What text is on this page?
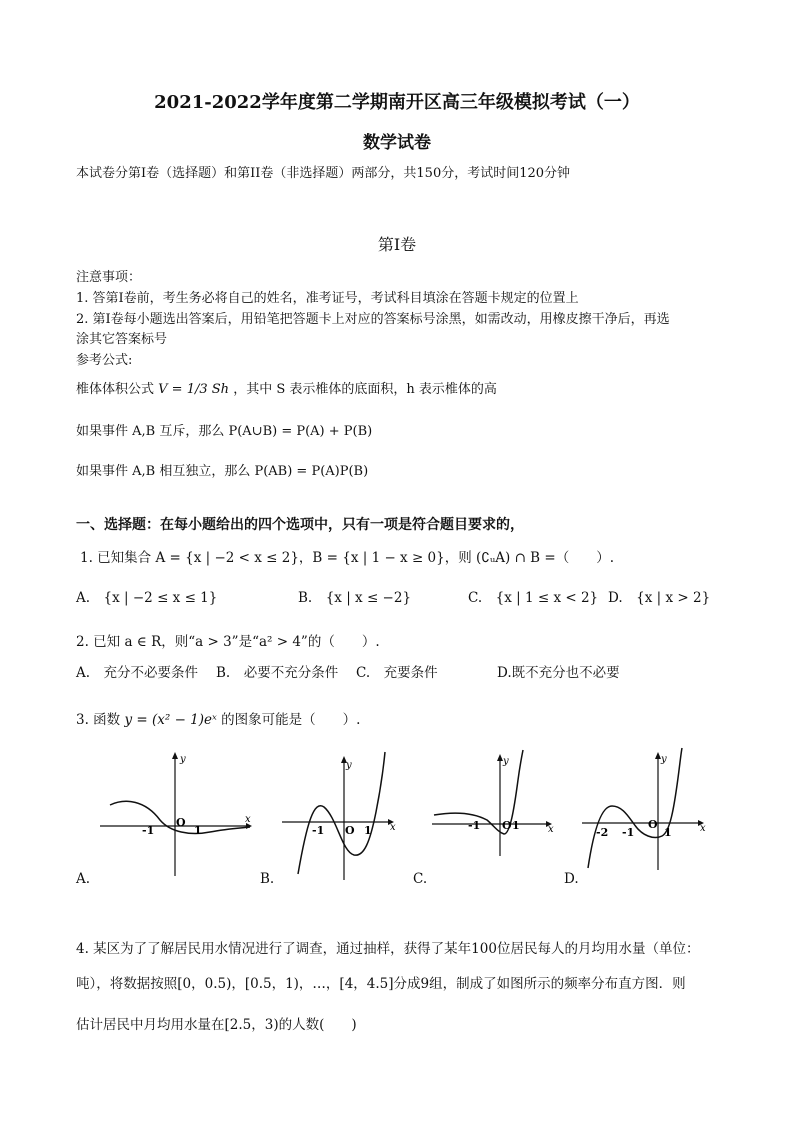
2021-2022学年度第二学期南开区高三年级模拟考试（一）
数学试卷
本试卷分第I卷（选择题）和第II卷（非选择题）两部分，共150分，考试时间120分钟
第I卷
注意事项：
1. 答第I卷前，考生务必将自己的姓名，准考证号，考试科目填涂在答题卡规定的位置上
2. 第I卷每小题选出答案后，用铅笔把答题卡上对应的答案标号涂黑，如需改动，用橡皮擦干净后，再选
涂其它答案标号
参考公式:
椎体体积公式 V = 1/3 Sh ，其中 S 表示椎体的底面积，h 表示椎体的高
如果事件 A,B 互斥，那么 P(A∪B) = P(A) + P(B)
如果事件 A,B 相互独立，那么 P(AB) = P(A)P(B)
一、选择题：在每小题给出的四个选项中，只有一项是符合题目要求的，
1. 已知集合 A = {x | −2 < x ≤ 2}，B = {x | 1 − x ≥ 0}，则 (∁ᵤA) ∩ B =（　　）.
A.　{x | −2 ≤ x ≤ 1}	B.　{x | x ≤ −2}	C.　{x | 1 ≤ x < 2} D.　{x | x > 2}
2. 已知 a ∈ R，则“a > 3”是“a² > 4”的（　　）.
A.　充分不必要条件 B.　必要不充分条件 C.　充要条件	D.既不充分也不必要
3. 函数 y = (x² − 1)eˣ 的图象可能是（　　）.
y
x
O
-1	1
A.
y
x
O
-1	1
B.
y
x
O
-1	1
C.
y
x
O
-2 -1	1
D.
4. 某区为了了解居民用水情况进行了调查，通过抽样，获得了某年100位居民每人的月均用水量（单位：
吨），将数据按照[0，0.5)，[0.5，1)，…，[4，4.5]分成9组，制成了如图所示的频率分布直方图．则
估计居民中月均用水量在[2.5，3)的人数(　　)
